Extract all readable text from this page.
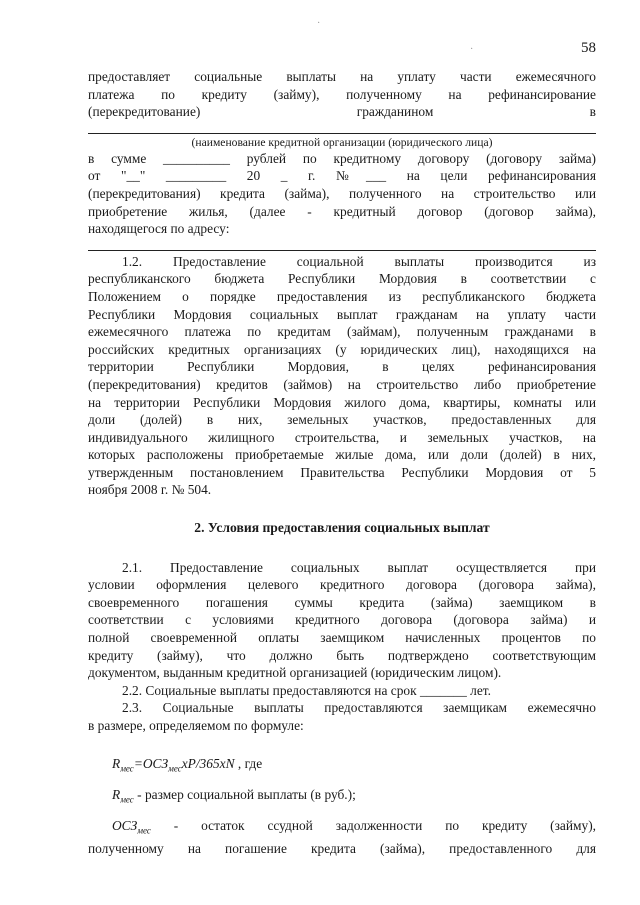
·
·	58
предоставляет социальные выплаты на уплату части ежемесячного
платежа по кредиту (займу), полученному на рефинансирование
(перекредитование) гражданином в
(наименование кредитной организации (юридического лица)
в сумме __________ рублей по кредитному договору (договору займа)
от "__" _________ 20 _ г. №___ на цели рефинансирования
(перекредитования) кредита (займа), полученного на строительство или
приобретение жилья, (далее - кредитный договор (договор займа),
находящегося по адресу:
1.2. Предоставление социальной выплаты производится из
республиканского бюджета Республики Мордовия в соответствии с
Положением о порядке предоставления из республиканского бюджета
Республики Мордовия социальных выплат гражданам на уплату части
ежемесячного платежа по кредитам (займам), полученным гражданами в
российских кредитных организациях (у юридических лиц), находящихся на
территории Республики Мордовия, в целях рефинансирования
(перекредитования) кредитов (займов) на строительство либо приобретение
на территории Республики Мордовия жилого дома, квартиры, комнаты или
доли (долей) в них, земельных участков, предоставленных для
индивидуального жилищного строительства, и земельных участков, на
которых расположены приобретаемые жилые дома, или доли (долей) в них,
утвержденным постановлением Правительства Республики Мордовия от 5
ноября 2008 г. № 504.
2. Условия предоставления социальных выплат
2.1. Предоставление социальных выплат осуществляется при
условии оформления целевого кредитного договора (договора займа),
своевременного погашения суммы кредита (займа) заемщиком в
соответствии с условиями кредитного договора (договора займа) и
полной своевременной оплаты заемщиком начисленных процентов по
кредиту (займу), что должно быть подтверждено соответствующим
документом, выданным кредитной организацией (юридическим лицом).
2.2. Социальные выплаты предоставляются на срок _______ лет.
2.3. Социальные выплаты предоставляются заемщикам ежемесячно
в размере, определяемом по формуле:
$R_{мес}=ОСЗ_{мес}xP/365xN$ , где
$R_{мес}$ - размер социальной выплаты (в руб.);
$ОСЗ_{мес}$ - остаток ссудной задолженности по кредиту (займу),
полученному на погашение кредита (займа), предоставленного для
